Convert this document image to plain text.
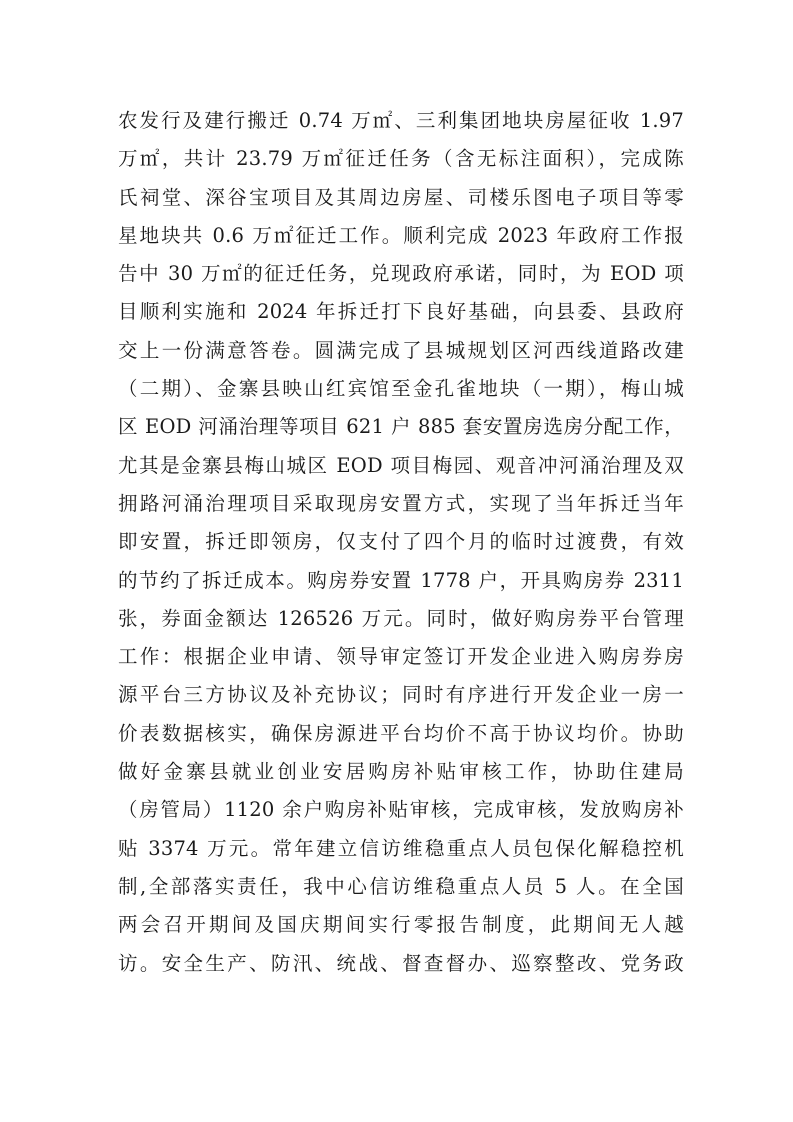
农发行及建行搬迁 0.74 万㎡、三利集团地块房屋征收 1.97
万㎡，共计 23.79 万㎡征迁任务（含无标注面积），完成陈
氏祠堂、深谷宝项目及其周边房屋、司楼乐图电子项目等零
星地块共 0.6 万㎡征迁工作。顺利完成 2023 年政府工作报
告中 30 万㎡的征迁任务，兑现政府承诺，同时，为 EOD 项
目顺利实施和 2024 年拆迁打下良好基础，向县委、县政府
交上一份满意答卷。圆满完成了县城规划区河西线道路改建
（二期）、金寨县映山红宾馆至金孔雀地块（一期），梅山城
区 EOD 河涌治理等项目 621 户 885 套安置房选房分配工作，
尤其是金寨县梅山城区 EOD 项目梅园、观音冲河涌治理及双
拥路河涌治理项目采取现房安置方式，实现了当年拆迁当年
即安置，拆迁即领房，仅支付了四个月的临时过渡费，有效
的节约了拆迁成本。购房券安置 1778 户，开具购房券 2311
张，券面金额达 126526 万元。同时，做好购房券平台管理
工作：根据企业申请、领导审定签订开发企业进入购房券房
源平台三方协议及补充协议；同时有序进行开发企业一房一
价表数据核实，确保房源进平台均价不高于协议均价。协助
做好金寨县就业创业安居购房补贴审核工作，协助住建局
（房管局）1120 余户购房补贴审核，完成审核，发放购房补
贴 3374 万元。常年建立信访维稳重点人员包保化解稳控机
制,全部落实责任，我中心信访维稳重点人员 5 人。在全国
两会召开期间及国庆期间实行零报告制度，此期间无人越
访。安全生产、防汛、统战、督查督办、巡察整改、党务政
